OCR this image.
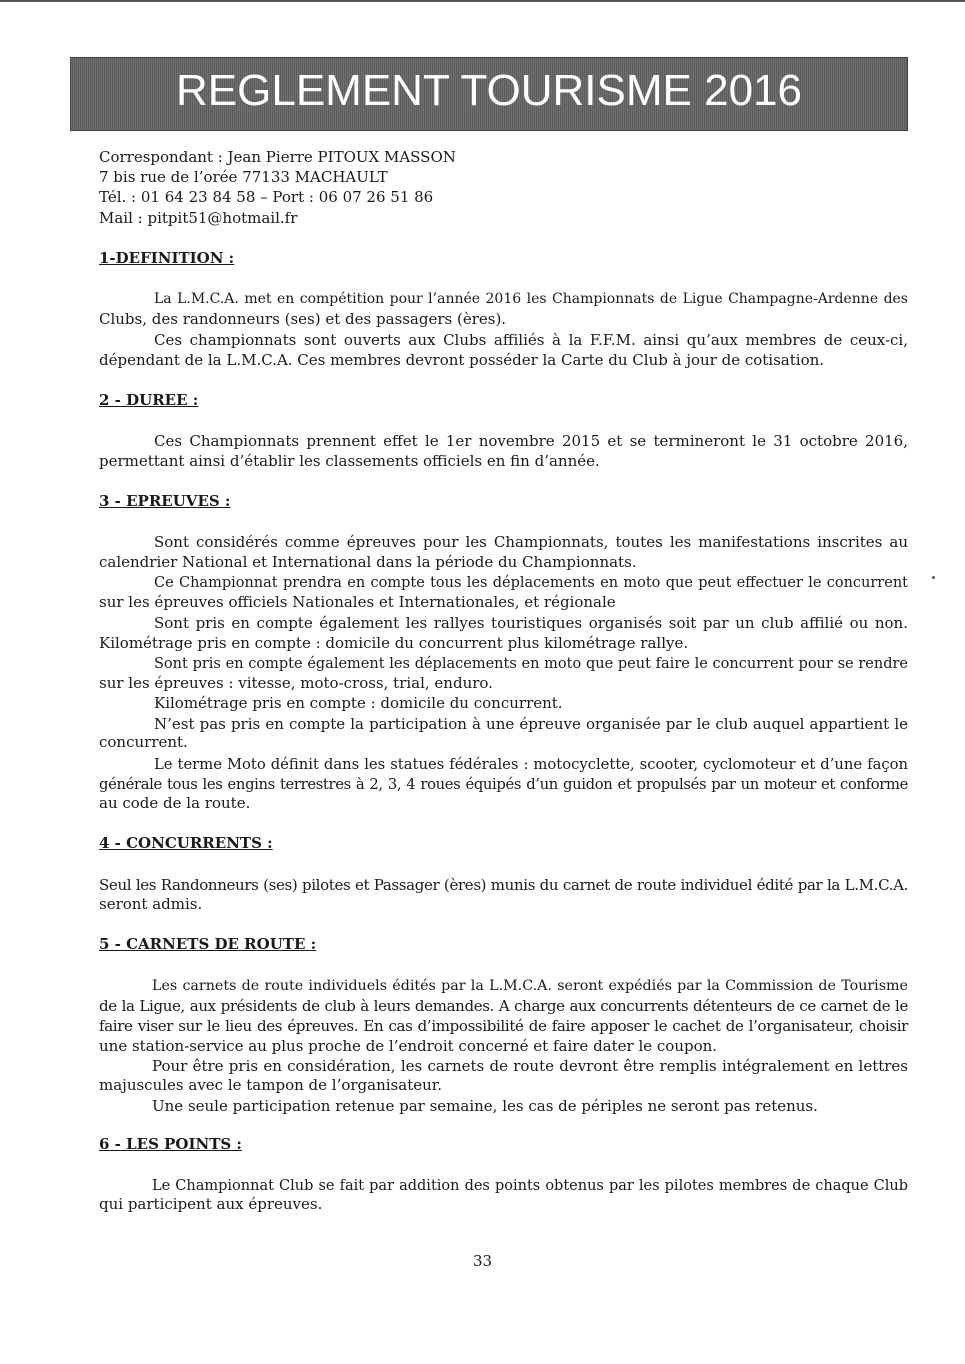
REGLEMENT TOURISME 2016

Correspondant : Jean Pierre PITOUX MASSON

7 bis rue de l’orée 77133 MACHAULT

Tél. : 01 64 23 84 58 – Port : 06 07 26 51 86

Mail : pitpit51@hotmail.fr

1-DEFINITION :

La L.M.C.A. met en compétition pour l’année 2016 les Championnats de Ligue Champagne-Ardenne des

Clubs, des randonneurs (ses) et des passagers (ères).

Ces championnats sont ouverts aux Clubs affiliés à la F.F.M. ainsi qu’aux membres de ceux-ci,

dépendant de la L.M.C.A. Ces membres devront posséder la Carte du Club à jour de cotisation.

2 - DUREE :

Ces Championnats prennent effet le 1er novembre 2015 et se termineront le 31 octobre 2016,

permettant ainsi d’établir les classements officiels en fin d’année.

3 - EPREUVES :

Sont considérés comme épreuves pour les Championnats, toutes les manifestations inscrites au

calendrier National et International dans la période du Championnats.

Ce Championnat prendra en compte tous les déplacements en moto que peut effectuer le concurrent

sur les épreuves officiels Nationales et Internationales, et régionale

Sont pris en compte également les rallyes touristiques organisés soit par un club affilié ou non.

Kilométrage pris en compte : domicile du concurrent plus kilométrage rallye.

Sont pris en compte également les déplacements en moto que peut faire le concurrent pour se rendre

sur les épreuves : vitesse, moto-cross, trial, enduro.

Kilométrage pris en compte : domicile du concurrent.

N’est pas pris en compte la participation à une épreuve organisée par le club auquel appartient le

concurrent.

Le terme Moto définit dans les statues fédérales : motocyclette, scooter, cyclomoteur et d’une façon

générale tous les engins terrestres à 2, 3, 4 roues équipés d’un guidon et propulsés par un moteur et conforme

au code de la route.

4 - CONCURRENTS :

Seul les Randonneurs (ses) pilotes et Passager (ères) munis du carnet de route individuel édité par la L.M.C.A.

seront admis.

5 - CARNETS DE ROUTE :

Les carnets de route individuels édités par la L.M.C.A. seront expédiés par la Commission de Tourisme

de la Ligue, aux présidents de club à leurs demandes. A charge aux concurrents détenteurs de ce carnet de le

faire viser sur le lieu des épreuves. En cas d’impossibilité de faire apposer le cachet de l’organisateur, choisir

une station-service au plus proche de l’endroit concerné et faire dater le coupon.

Pour être pris en considération, les carnets de route devront être remplis intégralement en lettres

majuscules avec le tampon de l’organisateur.

Une seule participation retenue par semaine, les cas de périples ne seront pas retenus.

6 - LES POINTS :

Le Championnat Club se fait par addition des points obtenus par les pilotes membres de chaque Club

qui participent aux épreuves.

33
